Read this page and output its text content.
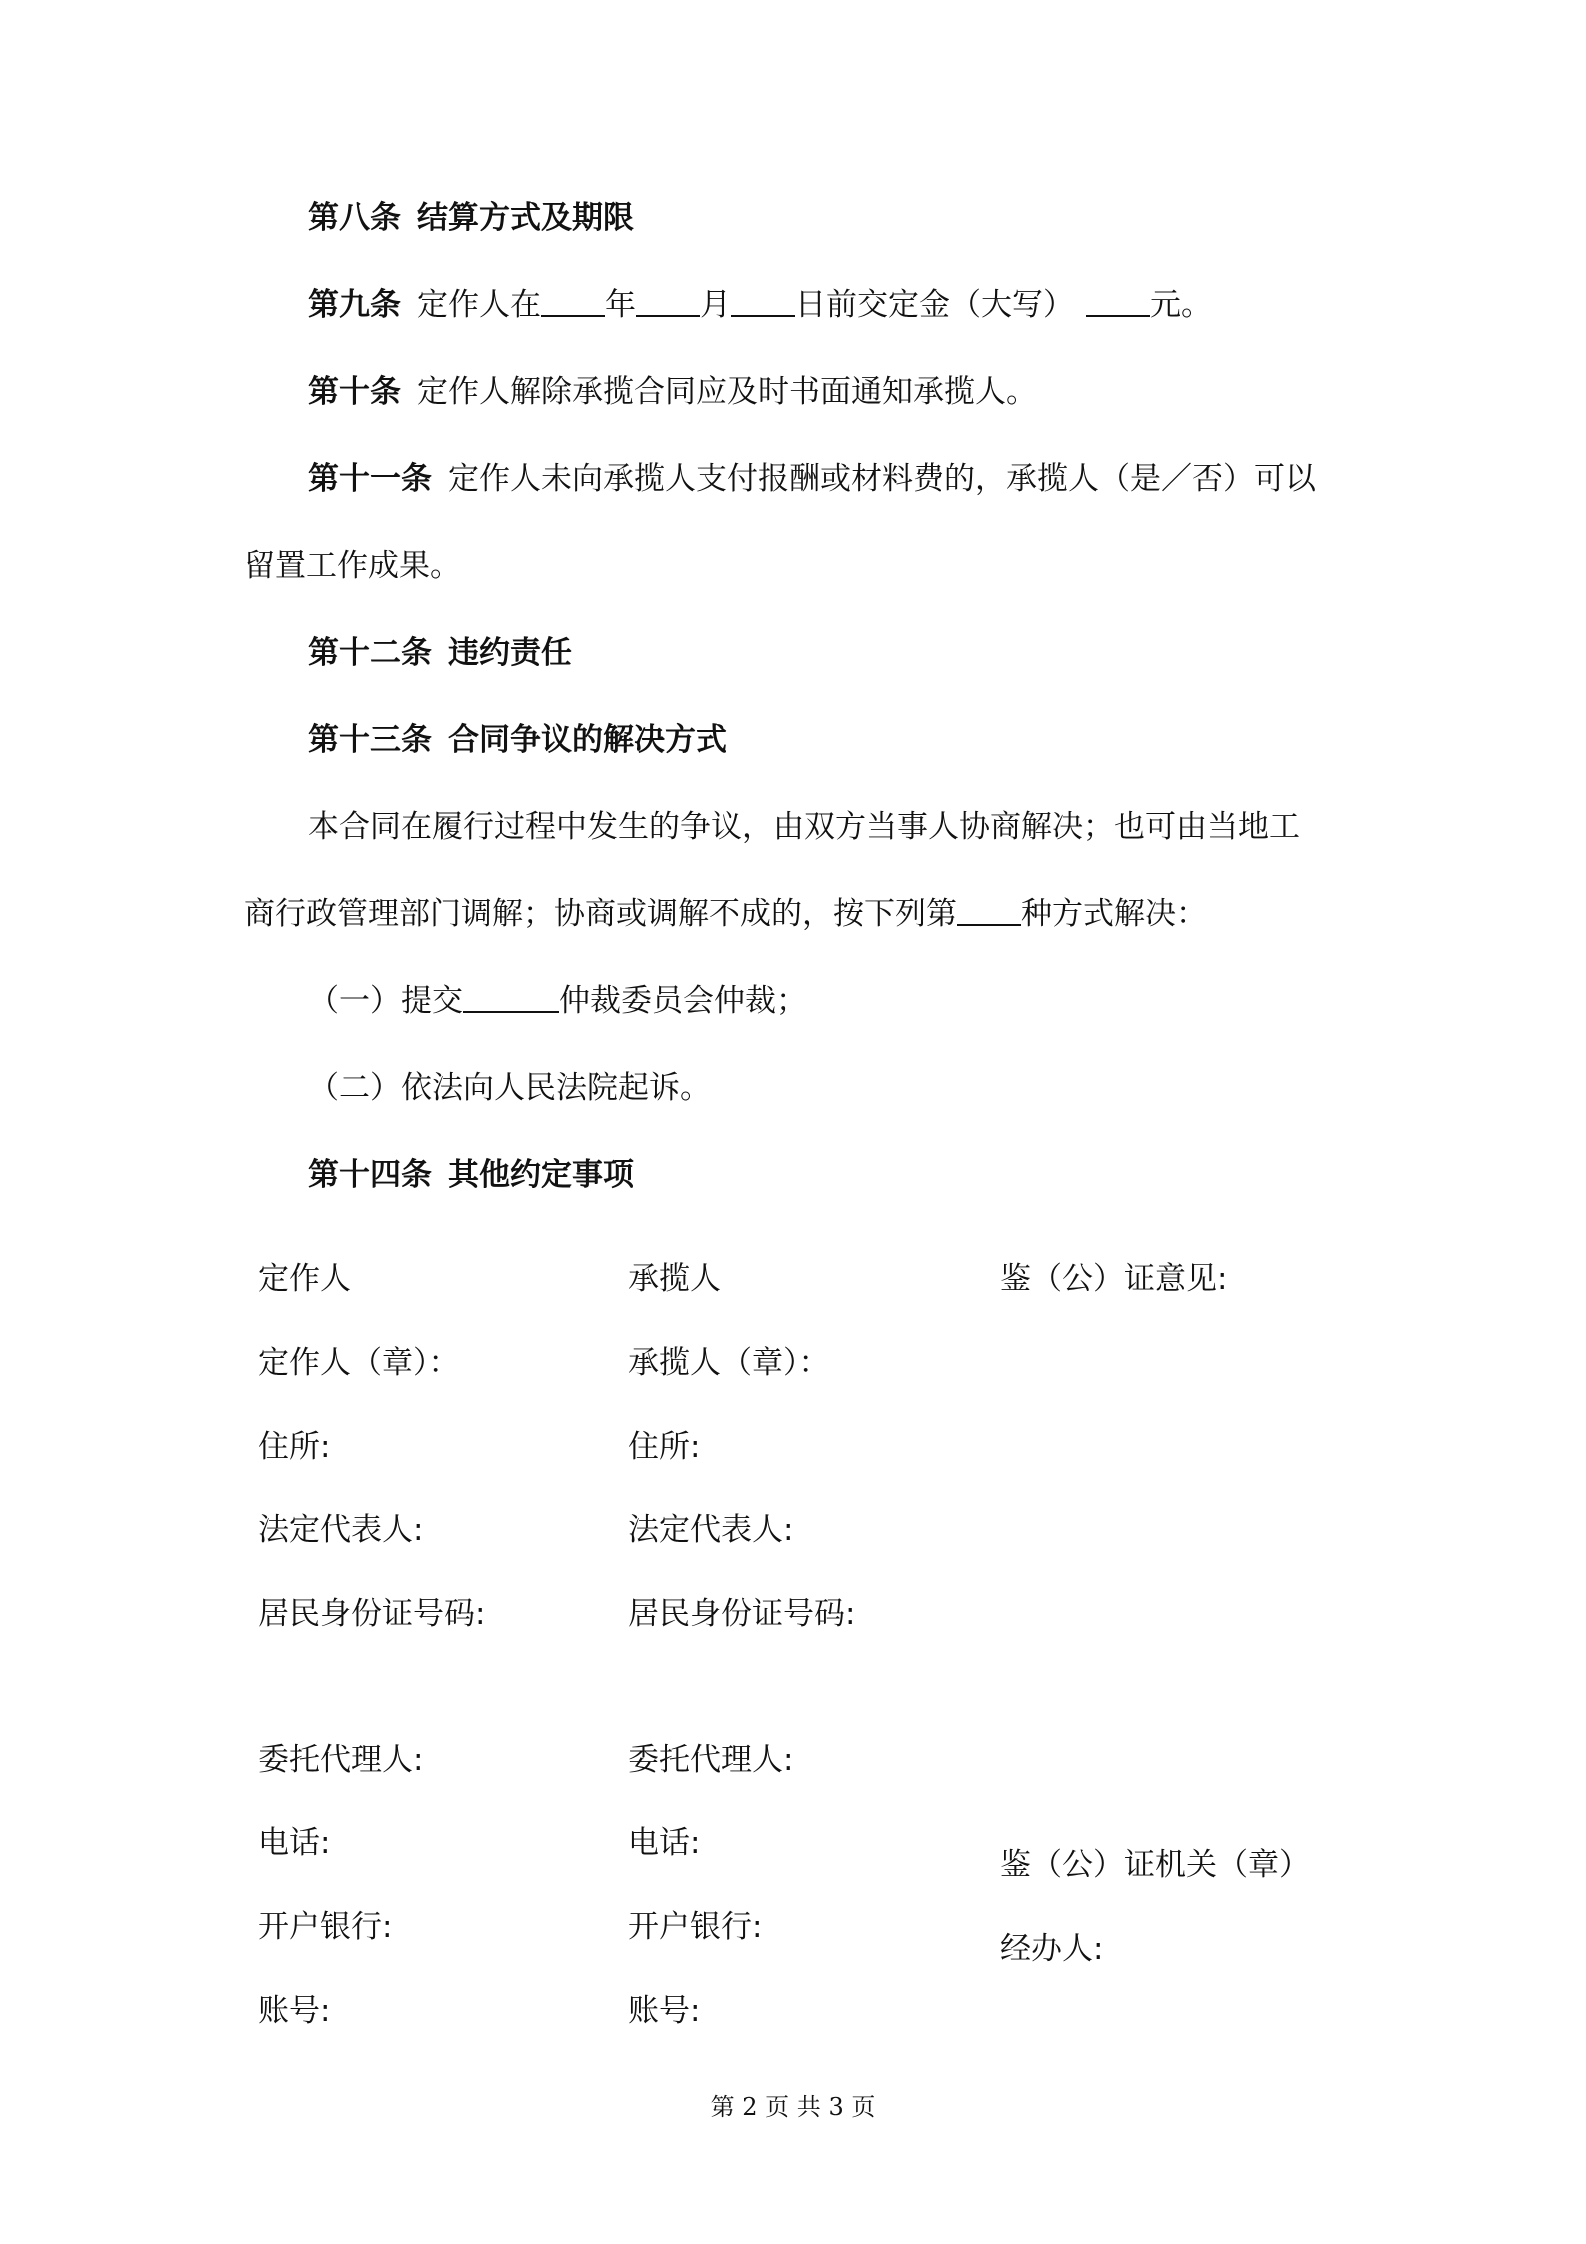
第八条 结算方式及期限
第九条 定作人在 年 月 日前交定金（大写） 元。
第十条 定作人解除承揽合同应及时书面通知承揽人。
第十一条 定作人未向承揽人支付报酬或材料费的，承揽人（是／否）可以
留置工作成果。
第十二条 违约责任
第十三条 合同争议的解决方式
本合同在履行过程中发生的争议，由双方当事人协商解决；也可由当地工
商行政管理部门调解；协商或调解不成的，按下列第 种方式解决：
（一）提交	仲裁委员会仲裁；
（二）依法向人民法院起诉。
第十四条 其他约定事项
定作人
定作人（章）：
住所:
法定代表人:
居民身份证号码:
委托代理人:
电话:
开户银行:
账号:
承揽人
承揽人（章）：
住所:
法定代表人:
居民身份证号码:
委托代理人:
电话:
开户银行:
账号:
鉴（公）证意见:
鉴（公）证机关（章）
经办人:
第 2 页 共 3 页
